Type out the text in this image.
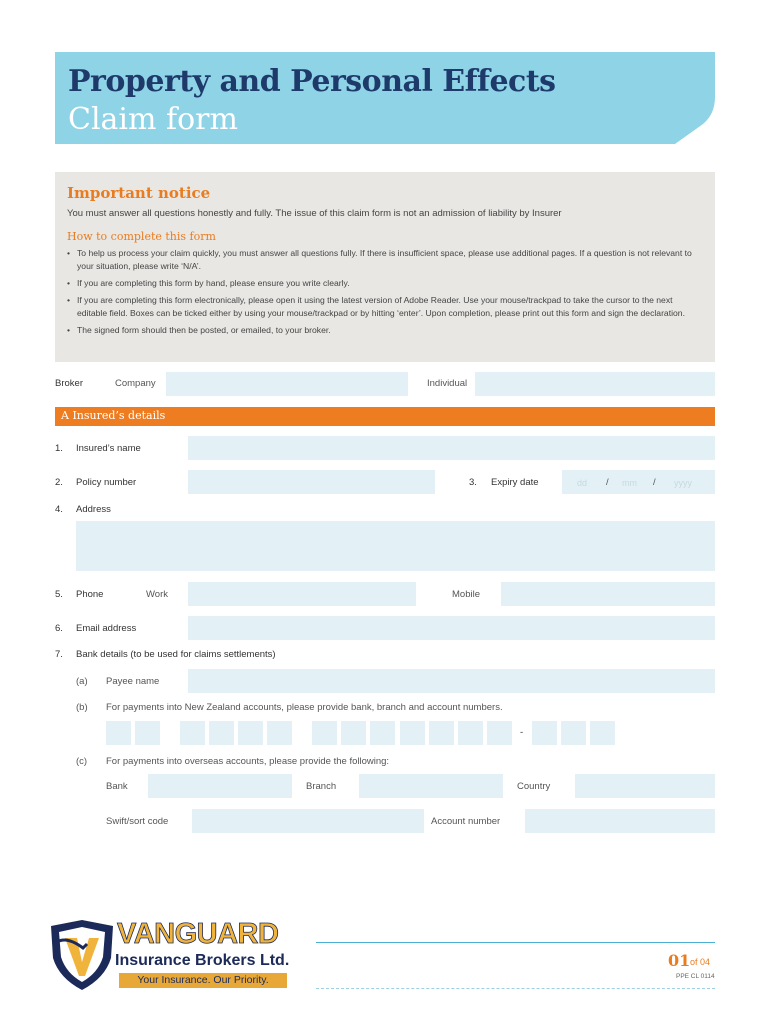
Property and Personal Effects
Claim form
Important notice
You must answer all questions honestly and fully. The issue of this claim form is not an admission of liability by Insurer
How to complete this form
• To help us process your claim quickly, you must answer all questions fully. If there is insufficient space, please use additional pages. If a question is not relevant to your situation, please write ‘N/A’.
• If you are completing this form by hand, please ensure you write clearly.
• If you are completing this form electronically, please open it using the latest version of Adobe Reader. Use your mouse/trackpad to take the cursor to the next editable field. Boxes can be ticked either by using your mouse/trackpad or by hitting ‘enter’. Upon completion, please print out this form and sign the declaration.
• The signed form should then be posted, or emailed, to your broker.
Broker	Company	Individual
A Insured’s details
1. Insured’s name
2. Policy number	3. Expiry date	dd / mm / yyyy
4. Address
5. Phone	Work	Mobile
6. Email address
7. Bank details (to be used for claims settlements)
(a) Payee name
(b) For payments into New Zealand accounts, please provide bank, branch and account numbers.
-
(c) For payments into overseas accounts, please provide the following:
Bank	Branch	Country
Swift/sort code	Account number
VANGUARD
Insurance Brokers Ltd.
Your Insurance. Our Priority.
01 of 04
PPE CL 0114
